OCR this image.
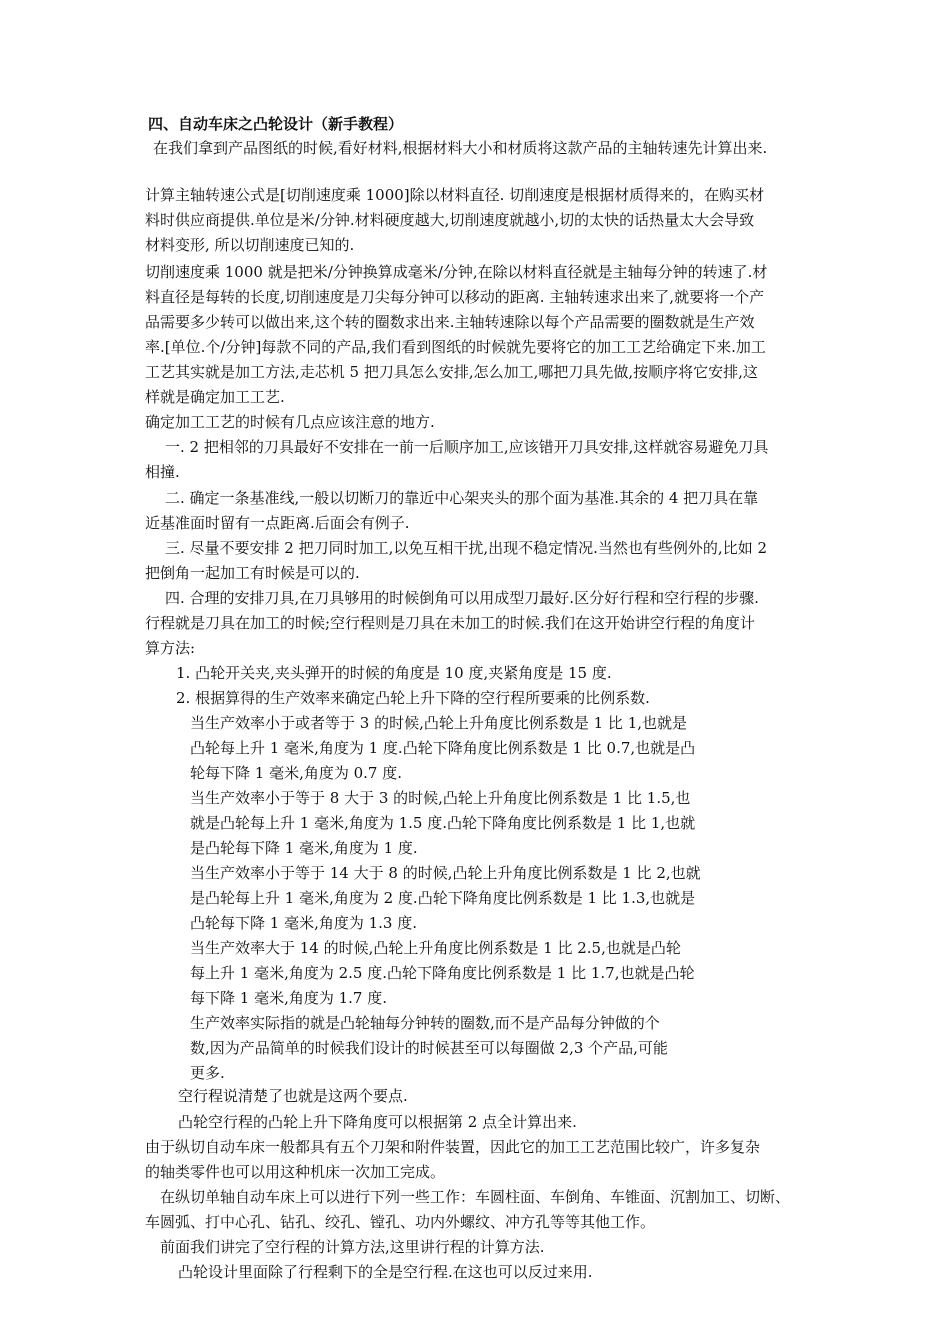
四、自动车床之凸轮设计（新手教程）
在我们拿到产品图纸的时候,看好材料,根据材料大小和材质将这款产品的主轴转速先计算出来.
计算主轴转速公式是[切削速度乘 1000]除以材料直径. 切削速度是根据材质得来的，在购买材
料时供应商提供.单位是米/分钟.材料硬度越大,切削速度就越小,切的太快的话热量太大会导致
材料变形, 所以切削速度已知的.
切削速度乘 1000 就是把米/分钟换算成毫米/分钟,在除以材料直径就是主轴每分钟的转速了.材
料直径是每转的长度,切削速度是刀尖每分钟可以移动的距离. 主轴转速求出来了,就要将一个产
品需要多少转可以做出来,这个转的圈数求出来.主轴转速除以每个产品需要的圈数就是生产效
率.[单位.个/分钟]每款不同的产品,我们看到图纸的时候就先要将它的加工工艺给确定下来.加工
工艺其实就是加工方法,走芯机 5 把刀具怎么安排,怎么加工,哪把刀具先做,按顺序将它安排,这
样就是确定加工工艺.
确定加工工艺的时候有几点应该注意的地方.
一. 2 把相邻的刀具最好不安排在一前一后顺序加工,应该错开刀具安排,这样就容易避免刀具
相撞.
二. 确定一条基准线,一般以切断刀的靠近中心架夹头的那个面为基准.其余的 4 把刀具在靠
近基准面时留有一点距离.后面会有例子.
三. 尽量不要安排 2 把刀同时加工,以免互相干扰,出现不稳定情况.当然也有些例外的,比如 2
把倒角一起加工有时候是可以的.
四. 合理的安排刀具,在刀具够用的时候倒角可以用成型刀最好.区分好行程和空行程的步骤.
行程就是刀具在加工的时候;空行程则是刀具在未加工的时候.我们在这开始讲空行程的角度计
算方法:
1. 凸轮开关夹,夹头弹开的时候的角度是 10 度,夹紧角度是 15 度.
2. 根据算得的生产效率来确定凸轮上升下降的空行程所要乘的比例系数.
当生产效率小于或者等于 3 的时候,凸轮上升角度比例系数是 1 比 1,也就是
凸轮每上升 1 毫米,角度为 1 度.凸轮下降角度比例系数是 1 比 0.7,也就是凸
轮每下降 1 毫米,角度为 0.7 度.
当生产效率小于等于 8 大于 3 的时候,凸轮上升角度比例系数是 1 比 1.5,也
就是凸轮每上升 1 毫米,角度为 1.5 度.凸轮下降角度比例系数是 1 比 1,也就
是凸轮每下降 1 毫米,角度为 1 度.
当生产效率小于等于 14 大于 8 的时候,凸轮上升角度比例系数是 1 比 2,也就
是凸轮每上升 1 毫米,角度为 2 度.凸轮下降角度比例系数是 1 比 1.3,也就是
凸轮每下降 1 毫米,角度为 1.3 度.
当生产效率大于 14 的时候,凸轮上升角度比例系数是 1 比 2.5,也就是凸轮
每上升 1 毫米,角度为 2.5 度.凸轮下降角度比例系数是 1 比 1.7,也就是凸轮
每下降 1 毫米,角度为 1.7 度.
生产效率实际指的就是凸轮轴每分钟转的圈数,而不是产品每分钟做的个
数,因为产品简单的时候我们设计的时候甚至可以每圈做 2,3 个产品,可能
更多.
空行程说清楚了也就是这两个要点.
凸轮空行程的凸轮上升下降角度可以根据第 2 点全计算出来.
由于纵切自动车床一般都具有五个刀架和附件装置，因此它的加工工艺范围比较广，许多复杂
的轴类零件也可以用这种机床一次加工完成。
在纵切单轴自动车床上可以进行下列一些工作：车圆柱面、车倒角、车锥面、沉割加工、切断、
车圆弧、打中心孔、钻孔、绞孔、镗孔、功内外螺纹、冲方孔等等其他工作。
前面我们讲完了空行程的计算方法,这里讲行程的计算方法.
凸轮设计里面除了行程剩下的全是空行程.在这也可以反过来用.
